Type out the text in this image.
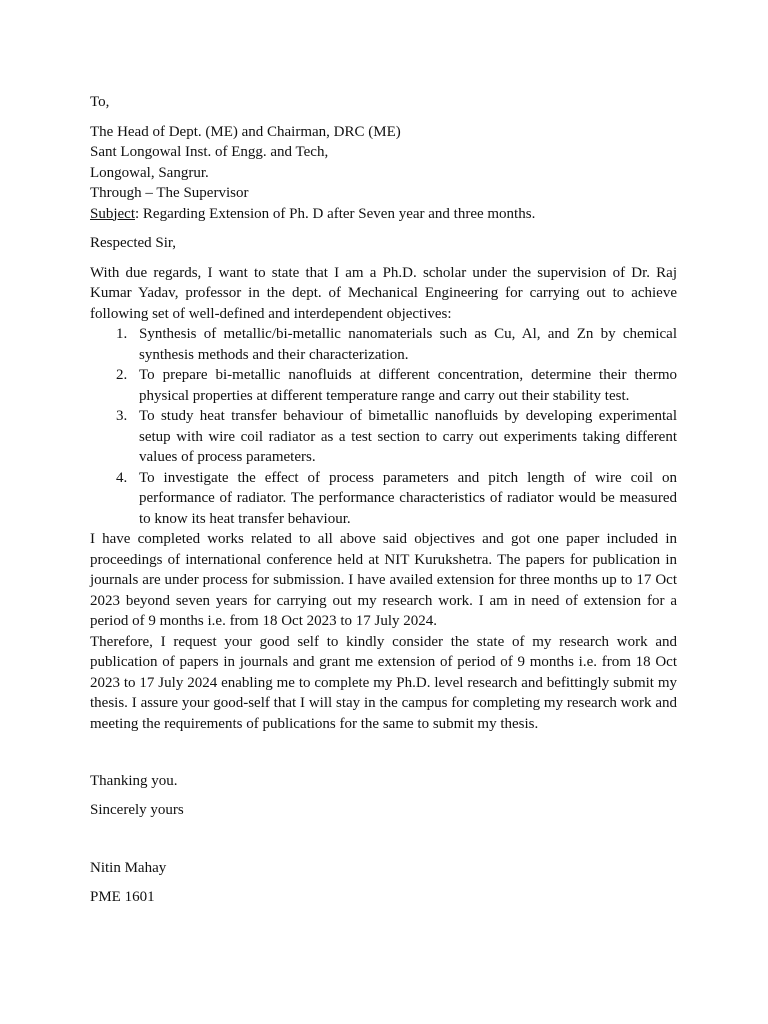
To,
The Head of Dept. (ME) and Chairman, DRC (ME)
Sant Longowal Inst. of Engg. and Tech,
Longowal, Sangrur.
Through – The Supervisor
Subject: Regarding Extension of Ph. D after Seven year and three months.
Respected Sir,

With due regards, I want to state that I am a Ph.D. scholar under the supervision of Dr. Raj Kumar Yadav, professor in the dept. of Mechanical Engineering for carrying out to achieve following set of well-defined and interdependent objectives:

1. Synthesis of metallic/bi-metallic nanomaterials such as Cu, Al, and Zn by chemical synthesis methods and their characterization.
2. To prepare bi-metallic nanofluids at different concentration, determine their thermo physical properties at different temperature range and carry out their stability test.
3. To study heat transfer behaviour of bimetallic nanofluids by developing experimental setup with wire coil radiator as a test section to carry out experiments taking different values of process parameters.
4. To investigate the effect of process parameters and pitch length of wire coil on performance of radiator. The performance characteristics of radiator would be measured to know its heat transfer behaviour.

I have completed works related to all above said objectives and got one paper included in proceedings of international conference held at NIT Kurukshetra. The papers for publication in journals are under process for submission. I have availed extension for three months up to 17 Oct 2023 beyond seven years for carrying out my research work. I am in need of extension for a period of 9 months i.e. from 18 Oct 2023 to 17 July 2024.

Therefore, I request your good self to kindly consider the state of my research work and publication of papers in journals and grant me extension of period of 9 months i.e. from 18 Oct 2023 to 17 July 2024 enabling me to complete my Ph.D. level research and befittingly submit my thesis. I assure your good-self that I will stay in the campus for completing my research work and meeting the requirements of publications for the same to submit my thesis.

Thanking you.
Sincerely yours
Nitin Mahay
PME 1601
